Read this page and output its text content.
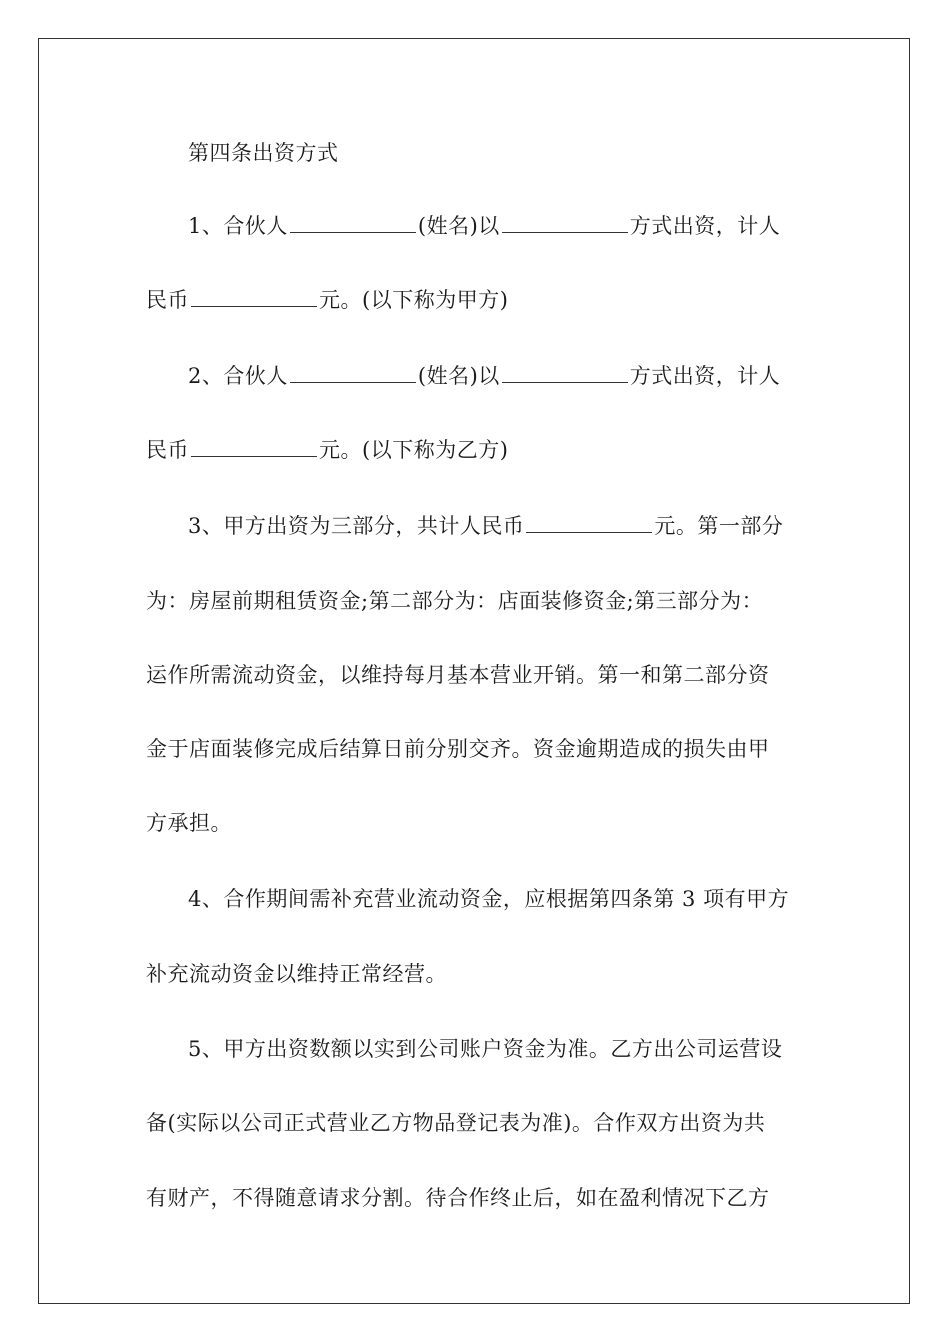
第四条出资方式
1、合伙人	(姓名)以	方式出资，计人
民币	元。(以下称为甲方)
2、合伙人	(姓名)以	方式出资，计人
民币	元。(以下称为乙方)
3、甲方出资为三部分，共计人民币	元。第一部分
为：房屋前期租赁资金;第二部分为：店面装修资金;第三部分为：
运作所需流动资金，以维持每月基本营业开销。第一和第二部分资
金于店面装修完成后结算日前分别交齐。资金逾期造成的损失由甲
方承担。
4、合作期间需补充营业流动资金，应根据第四条第 3 项有甲方
补充流动资金以维持正常经营。
5、甲方出资数额以实到公司账户资金为准。乙方出公司运营设
备(实际以公司正式营业乙方物品登记表为准)。合作双方出资为共
有财产，不得随意请求分割。待合作终止后，如在盈利情况下乙方
